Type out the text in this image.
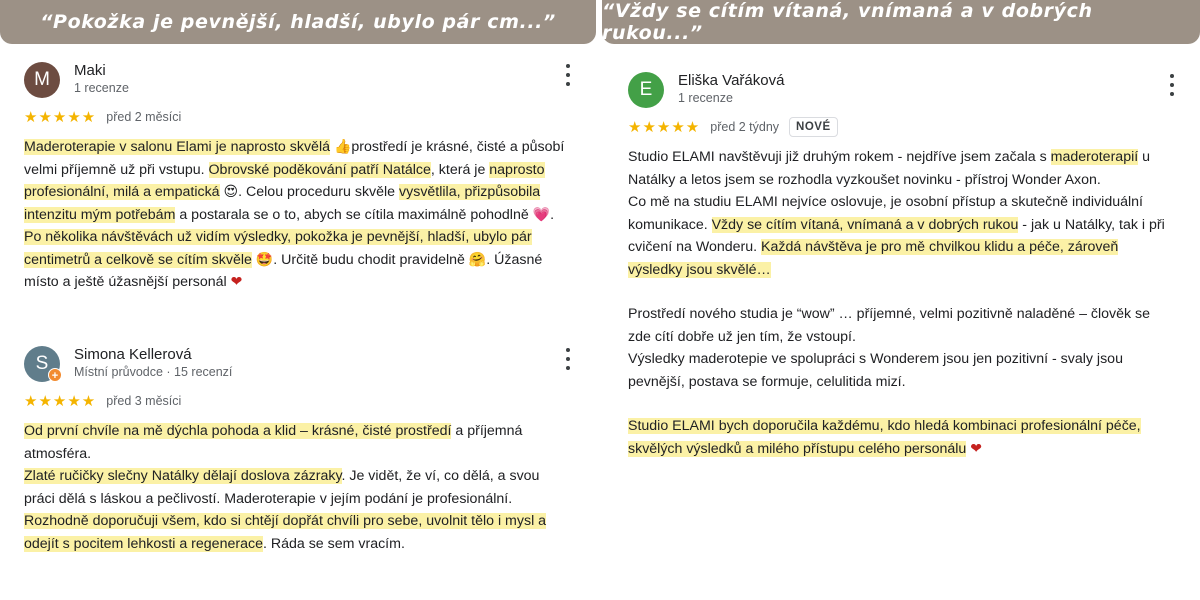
“Pokožka je pevnější, hladší, ubylo pár cm...”	“Vždy se cítím vítaná, vnímaná a v dobrých rukou...”
M	Maki
1 recenze
★★★★★ před 2 měsíci

Maderoterapie v salonu Elami je naprosto skvělá 👍prostředí je krásné, čisté a působí velmi příjemně už při vstupu. Obrovské poděkování patří Natálce, která je naprosto profesionální, milá a empatická 😍. Celou proceduru skvěle vysvětlila, přizpůsobila intenzitu mým potřebám a postarala se o to, abych se cítila maximálně pohodlně 💗.

Po několika návštěvách už vidím výsledky, pokožka je pevnější, hladší, ubylo pár centimetrů a celkově se cítím skvěle 🤩. Určitě budu chodit pravidelně 🤗. Úžasné místo a ještě úžasnější personál ❤

S
+
Simona Kellerová
Místní průvodce · 15 recenzí
★★★★★ před 3 měsíci

Od první chvíle na mě dýchla pohoda a klid – krásné, čisté prostředí a příjemná atmosféra.

Zlaté ručičky slečny Natálky dělají doslova zázraky. Je vidět, že ví, co dělá, a svou práci dělá s láskou a pečlivostí. Maderoterapie v jejím podání je profesionální.

Rozhodně doporučuji všem, kdo si chtějí dopřát chvíli pro sebe, uvolnit tělo i mysl a odejít s pocitem lehkosti a regenerace. Ráda se sem vracím.

E	Eliška Vařáková
1 recenze
★★★★★ před 2 týdny	NOVÉ

Studio ELAMI navštěvuji již druhým rokem - nejdříve jsem začala s maderoterapií u Natálky a letos jsem se rozhodla vyzkoušet novinku - přístroj Wonder Axon.

Co mě na studiu ELAMI nejvíce oslovuje, je osobní přístup a skutečně individuální komunikace. Vždy se cítím vítaná, vnímaná a v dobrých rukou - jak u Natálky, tak i při cvičení na Wonderu. Každá návštěva je pro mě chvilkou klidu a péče, zároveň výsledky jsou skvělé…

Prostředí nového studia je “wow” … příjemné, velmi pozitivně naladěné – člověk se zde cítí dobře už jen tím, že vstoupí.

Výsledky maderotepie ve spolupráci s Wonderem jsou jen pozitivní - svaly jsou pevnější, postava se formuje, celulitida mizí.

Studio ELAMI bych doporučila každému, kdo hledá kombinaci profesionální péče, skvělých výsledků a milého přístupu celého personálu ❤
